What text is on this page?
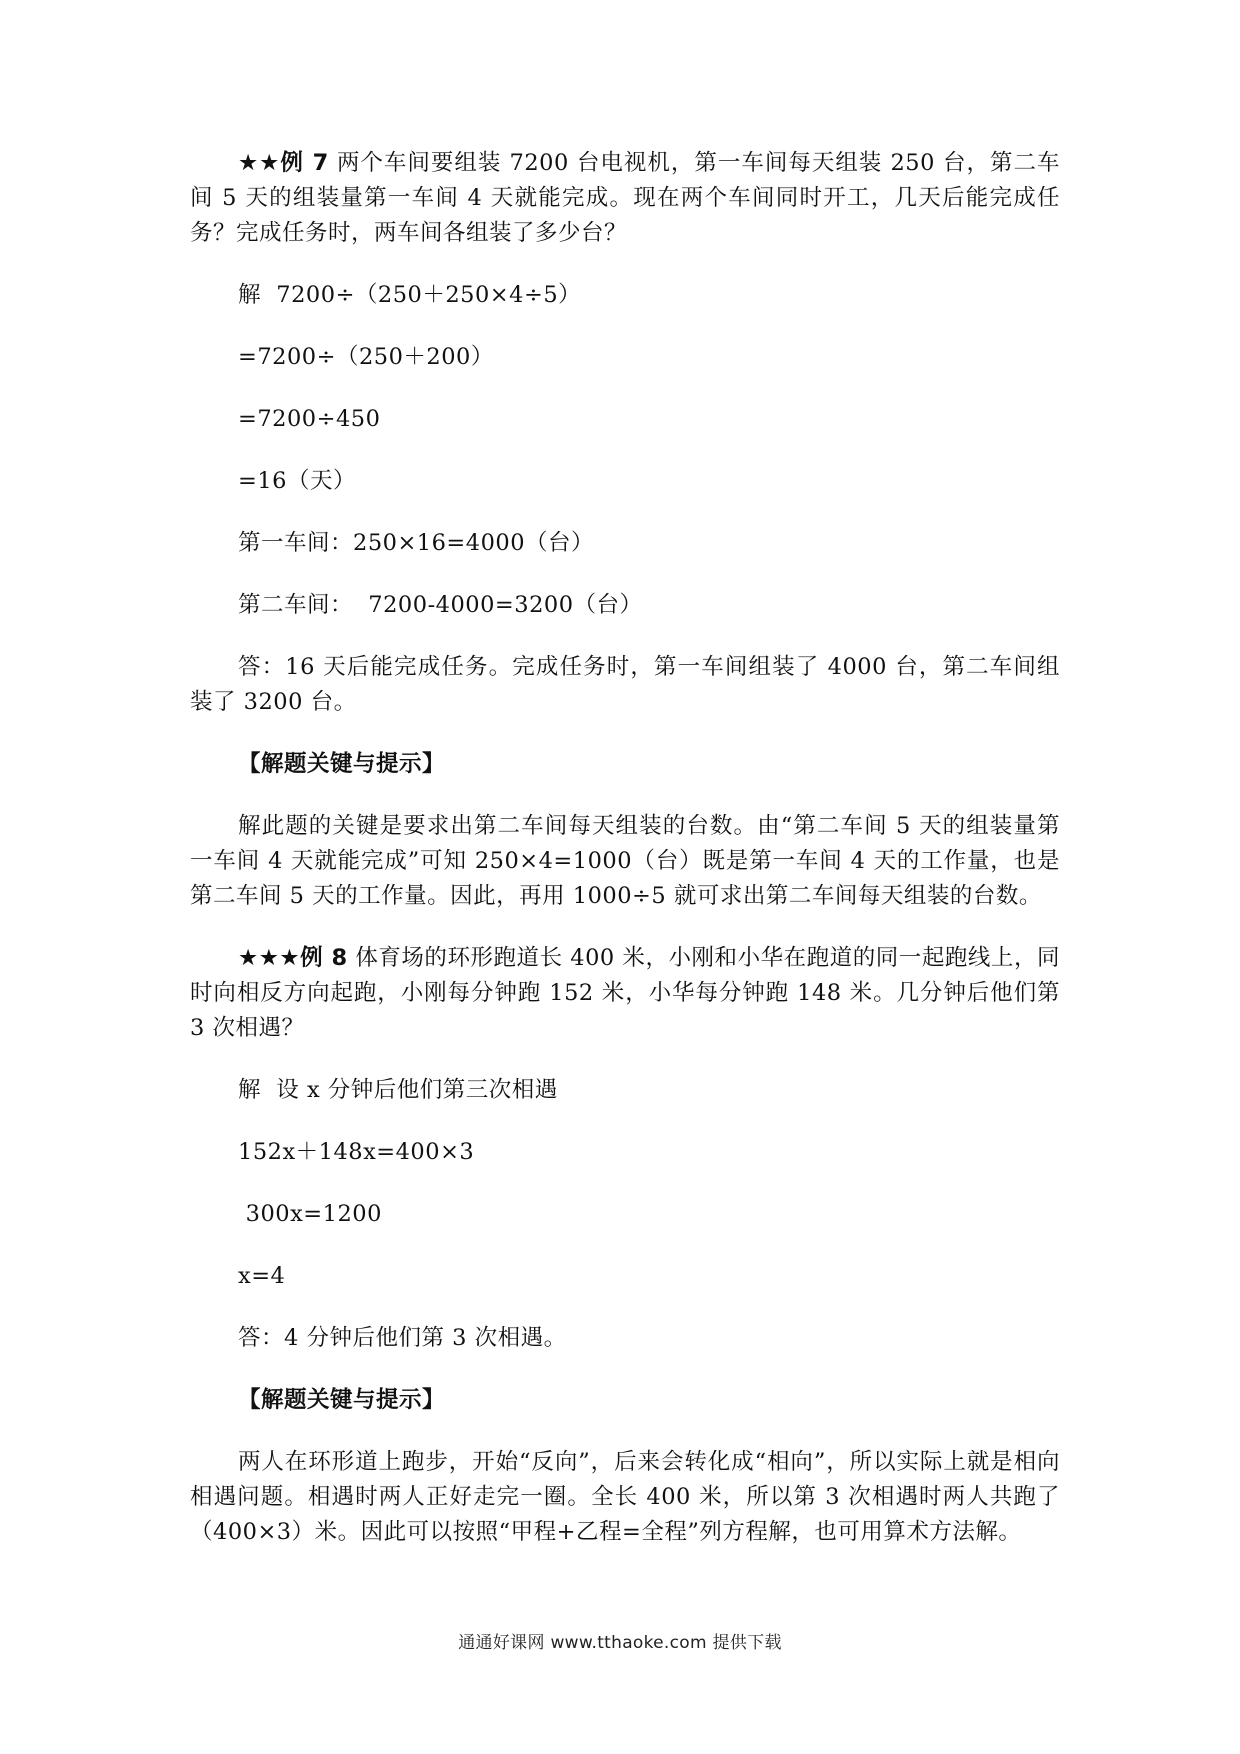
★★例 7 两个车间要组装 7200 台电视机，第一车间每天组装 250 台，第二车间 5 天的组装量第一车间 4 天就能完成。现在两个车间同时开工，几天后能完成任务？完成任务时，两车间各组装了多少台？

解  7200÷（250＋250×4÷5）

=7200÷（250＋200）

=7200÷450

=16（天）

第一车间：250×16=4000（台）

第二车间：  7200-4000=3200（台）

答：16 天后能完成任务。完成任务时，第一车间组装了 4000 台，第二车间组装了 3200 台。

【解题关键与提示】

解此题的关键是要求出第二车间每天组装的台数。由“第二车间 5 天的组装量第一车间 4 天就能完成”可知 250×4=1000（台）既是第一车间 4 天的工作量，也是第二车间 5 天的工作量。因此，再用 1000÷5 就可求出第二车间每天组装的台数。

★★★例 8 体育场的环形跑道长 400 米，小刚和小华在跑道的同一起跑线上，同时向相反方向起跑，小刚每分钟跑 152 米，小华每分钟跑 148 米。几分钟后他们第 3 次相遇？

解  设 x 分钟后他们第三次相遇

152x＋148x=400×3

300x=1200

x=4

答：4 分钟后他们第 3 次相遇。

【解题关键与提示】

两人在环形道上跑步，开始“反向”，后来会转化成“相向”，所以实际上就是相向相遇问题。相遇时两人正好走完一圈。全长 400 米，所以第 3 次相遇时两人共跑了（400×3）米。因此可以按照“甲程+乙程=全程”列方程解，也可用算术方法解。

通通好课网 www.tthaoke.com 提供下载
